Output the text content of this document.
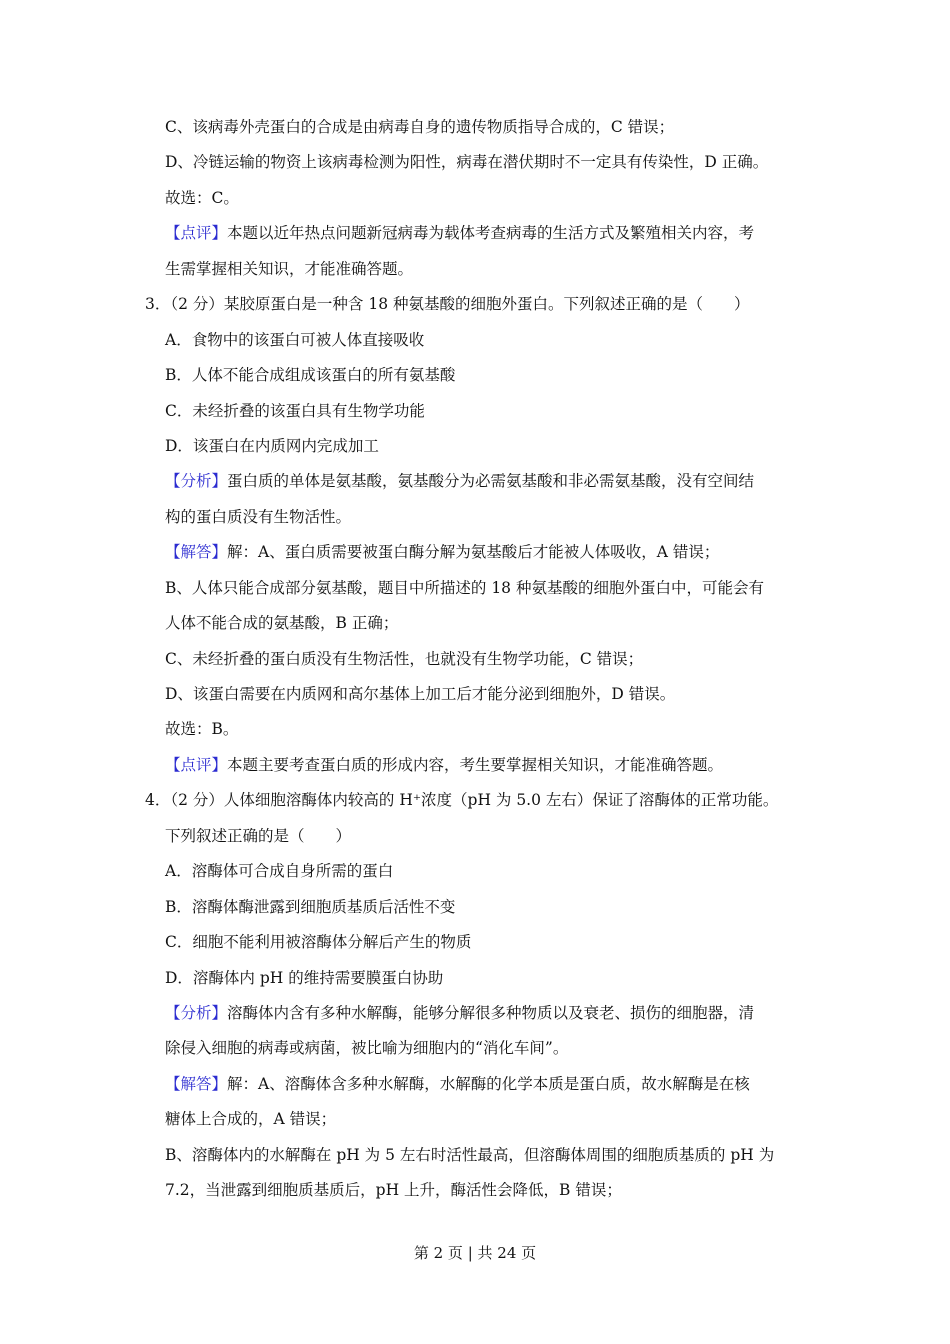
C、该病毒外壳蛋白的合成是由病毒自身的遗传物质指导合成的，C 错误；
D、冷链运输的物资上该病毒检测为阳性，病毒在潜伏期时不一定具有传染性，D 正确。
故选：C。
【点评】本题以近年热点问题新冠病毒为载体考查病毒的生活方式及繁殖相关内容，考
生需掌握相关知识，才能准确答题。
3．（2 分）某胶原蛋白是一种含 18 种氨基酸的细胞外蛋白。下列叙述正确的是（　　）
A．食物中的该蛋白可被人体直接吸收
B．人体不能合成组成该蛋白的所有氨基酸
C．未经折叠的该蛋白具有生物学功能
D．该蛋白在内质网内完成加工
【分析】蛋白质的单体是氨基酸，氨基酸分为必需氨基酸和非必需氨基酸，没有空间结
构的蛋白质没有生物活性。
【解答】解：A、蛋白质需要被蛋白酶分解为氨基酸后才能被人体吸收，A 错误；
B、人体只能合成部分氨基酸，题目中所描述的 18 种氨基酸的细胞外蛋白中，可能会有
人体不能合成的氨基酸，B 正确；
C、未经折叠的蛋白质没有生物活性，也就没有生物学功能，C 错误；
D、该蛋白需要在内质网和高尔基体上加工后才能分泌到细胞外，D 错误。
故选：B。
【点评】本题主要考查蛋白质的形成内容，考生要掌握相关知识，才能准确答题。
4．（2 分）人体细胞溶酶体内较高的 H⁺浓度（pH 为 5.0 左右）保证了溶酶体的正常功能。
下列叙述正确的是（　　）
A．溶酶体可合成自身所需的蛋白
B．溶酶体酶泄露到细胞质基质后活性不变
C．细胞不能利用被溶酶体分解后产生的物质
D．溶酶体内 pH 的维持需要膜蛋白协助
【分析】溶酶体内含有多种水解酶，能够分解很多种物质以及衰老、损伤的细胞器，清
除侵入细胞的病毒或病菌，被比喻为细胞内的“消化车间”。
【解答】解：A、溶酶体含多种水解酶，水解酶的化学本质是蛋白质，故水解酶是在核
糖体上合成的，A 错误；
B、溶酶体内的水解酶在 pH 为 5 左右时活性最高，但溶酶体周围的细胞质基质的 pH 为
7.2，当泄露到细胞质基质后，pH 上升，酶活性会降低，B 错误；
第 2 页 | 共 24 页
